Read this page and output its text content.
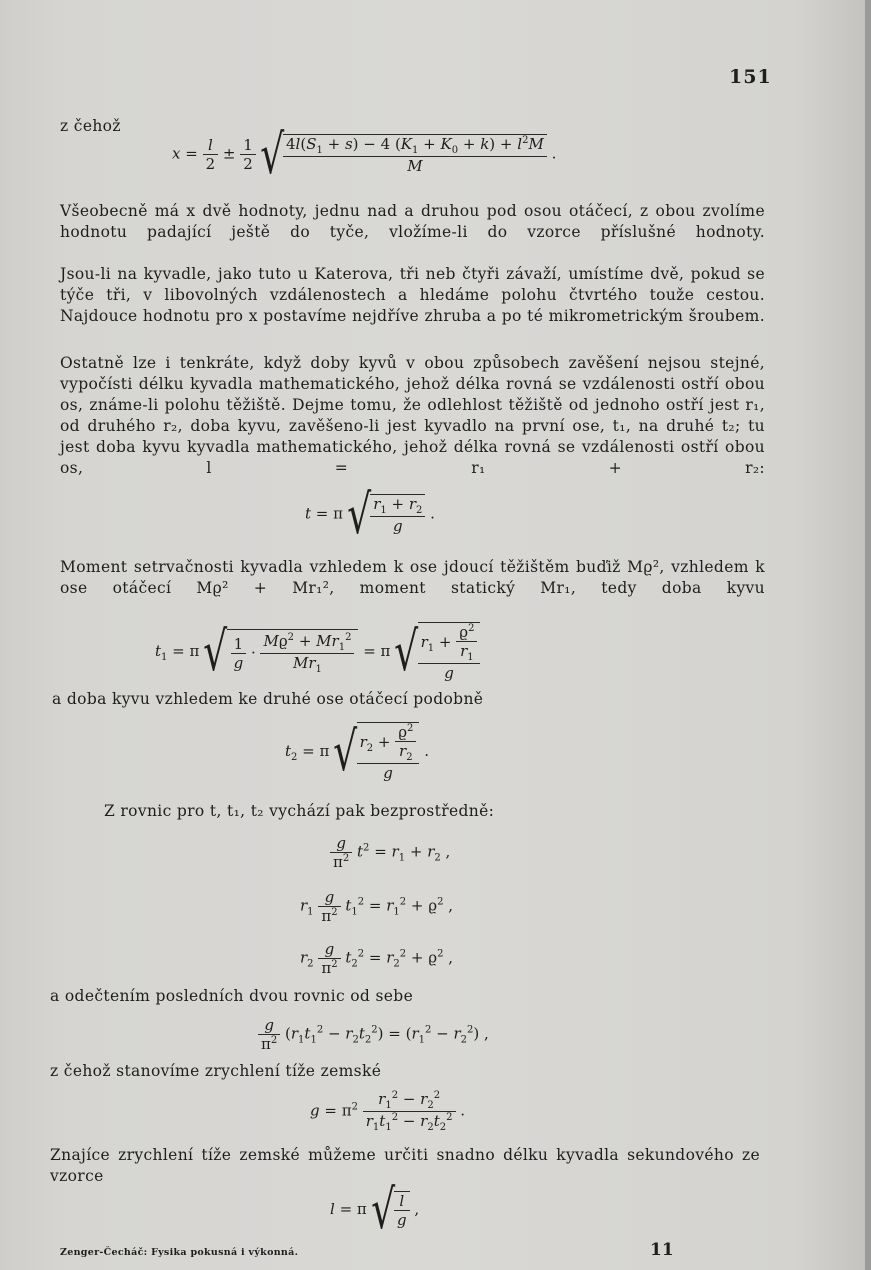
151
z čehož
$x = \frac{l}{2} \pm \frac{1}{2}$ √ $\frac{4l(S_1 + s) - 4 (K_1 + K_0 + k) + l^2M}{M}$ .
Všeobecně má x dvě hodnoty, jednu nad a druhou pod osou otáčecí, z obou zvolíme hodnotu padající ještě do tyče, vložíme-li do vzorce příslušné hodnoty.
Jsou-li na kyvadle, jako tuto u Katerova, tři neb čtyři závaží, umístíme dvě, pokud se týče tři, v libovolných vzdálenostech a hledáme polohu čtvrtého touže cestou. Najdouce hodnotu pro x postavíme nejdříve zhruba a po té mikrometrickým šroubem.
Ostatně lze i tenkráte, když doby kyvů v obou způsobech zavěšení nejsou stejné, vypočísti délku kyvadla mathematického, jehož délka rovná se vzdálenosti ostří obou os, známe-li polohu těžiště. Dejme tomu, že odlehlost těžiště od jednoho ostří jest r₁, od druhého r₂, doba kyvu, zavěšeno-li jest kyvadlo na první ose, t₁, na druhé t₂; tu jest doba kyvu kyvadla mathematického, jehož délka rovná se vzdálenosti ostří obou os, l = r₁ + r₂:
t = π √ $\frac{r_1 + r_2}{g}$ .
Moment setrvačnosti kyvadla vzhledem k ose jdoucí těžištěm buďiž Mϱ², vzhledem k ose otáčecí Mϱ² + Mr₁², moment statický Mr₁, tedy doba kyvu
$t_1 = \pi$ √ $\frac{1}{g} \cdot \frac{Mϱ^2 + Mr_1^2}{Mr_1} = \pi$ √ $\frac{r_1 + \frac{ϱ^2}{r_1}}{g}$
a doba kyvu vzhledem ke druhé ose otáčecí podobně
$t_2 = \pi$ √ $\frac{r_2 + \frac{ϱ^2}{r_2}}{g}$ .
Z rovnic pro t, t₁, t₂ vychází pak bezprostředně:
$\frac{g}{\pi^2} t^2 = r_1 + r_2$ ,
$r_1 \frac{g}{\pi^2} t_1^2 = r_1^2 + ϱ^2$ ,
$r_2 \frac{g}{\pi^2} t_2^2 = r_2^2 + ϱ^2$ ,
a odečtením posledních dvou rovnic od sebe
$\frac{g}{\pi^2} (r_1t_1^2 - r_2t_2^2) = (r_1^2 - r_2^2)$ ,
z čehož stanovíme zrychlení tíže zemské
$g = \pi^2 \frac{r_1^2 - r_2^2}{r_1t_1^2 - r_2t_2^2}$ .
Znajíce zrychlení tíže zemské můžeme určiti snadno délku kyvadla sekundového ze vzorce
l = π √ $\frac{l}{g}$ ,
Zenger-Čecháč: Fysika pokusná i výkonná.	11
